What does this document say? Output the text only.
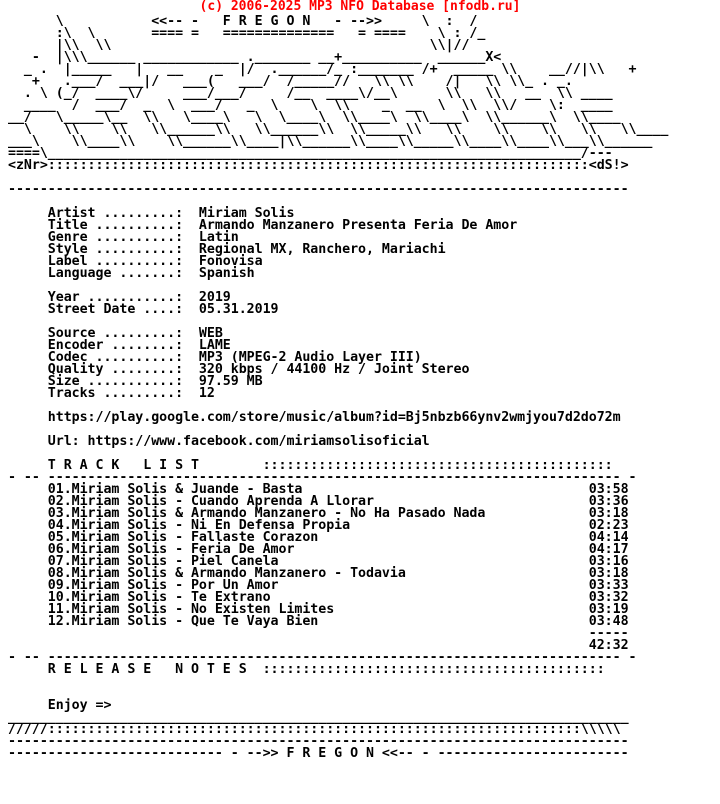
(c) 2006-2025 MP3 NFO Database [nfodb.ru]
\           <<-- -   F R E G O N   - -->>     \  :  /
:\  \       ==== =   ==============   = ====    \ : /_
|\\  \\                                        \\|//
-  |\\\______ ____________ ._______ __+__________  ______X<
_ .  |_____   |   __    _  |/  .______/_ :_______ /+  _____ \\    __//|\\   +
+   .___/  ___|/   ___(   ___/  /_____//   \\ \\    /|   \\ \\_ . _.
. \ (_/  ____\/     ___/___/     /__  ____\/__\      \\   \\   __  \\ ____
____  /  ___/  _  \  ___/   _  \    \  \\    _  __  \  \\  \\/    \:  ____
__/   \_____\__  \\   \____\   \  \____\  \\____\  \\____\  \\______\  \\____
\    \\    \\   \\______\\   \\______\\  \\_____\\   \\    \\    \\   \\   \\____
___\    \\____\\    \\______\\____|\\______\\____\\_____\\____\\____\\___\\______
====\___________________________________________________________________/---
<zNr>::::::::::::::::::::::::::::::::::::::::::::::::::::::::::::::::::::<dS!>

------------------------------------------------------------------------------

Artist .........:  Miriam Solis
Title ..........:  Armando Manzanero Presenta Feria De Amor
Genre ..........:  Latin
Style ..........:  Regional MX, Ranchero, Mariachi
Label ..........:  Fonovisa
Language .......:  Spanish

Year ...........:  2019
Street Date ....:  05.31.2019

Source .........:  WEB
Encoder ........:  LAME
Codec ..........:  MP3 (MPEG-2 Audio Layer III)
Quality ........:  320 kbps / 44100 Hz / Joint Stereo
Size ...........:  97.59 MB
Tracks .........:  12

https://play.google.com/store/music/album?id=Bj5nbzb66ynv2wmjyou7d2do72m

Url: https://www.facebook.com/miriamsolisoficial

T R A C K   L I S T        ::::::::::::::::::::::::::::::::::::::::::::
- -- ------------------------------------------------------------------------ -
01.Miriam Solis & Juande - Basta                                    03:58
02.Miriam Solis - Cuando Aprenda A Llorar                           03:36
03.Miriam Solis & Armando Manzanero - No Ha Pasado Nada             03:18
04.Miriam Solis - Ni En Defensa Propia                              02:23
05.Miriam Solis - Fallaste Corazon                                  04:14
06.Miriam Solis - Feria De Amor                                     04:17
07.Miriam Solis - Piel Canela                                       03:16
08.Miriam Solis & Armando Manzanero - Todavia                       03:18
09.Miriam Solis - Por Un Amor                                       03:33
10.Miriam Solis - Te Extrano                                        03:32
11.Miriam Solis - No Existen Limites                                03:19
12.Miriam Solis - Que Te Vaya Bien                                  03:48
-----
42:32
- -- ------------------------------------------------------------------------ -
R E L E A S E   N O T E S  :::::::::::::::::::::::::::::::::::::::::::

Enjoy =>
______________________________________________________________________________
/////:::::::::::::::::::::::::::::::::::::::::::::::::::::::::::::::::::\\\\\
------------------------------------------------------------------------------
--------------------------- - -->> F R E G O N <<-- - ------------------------
